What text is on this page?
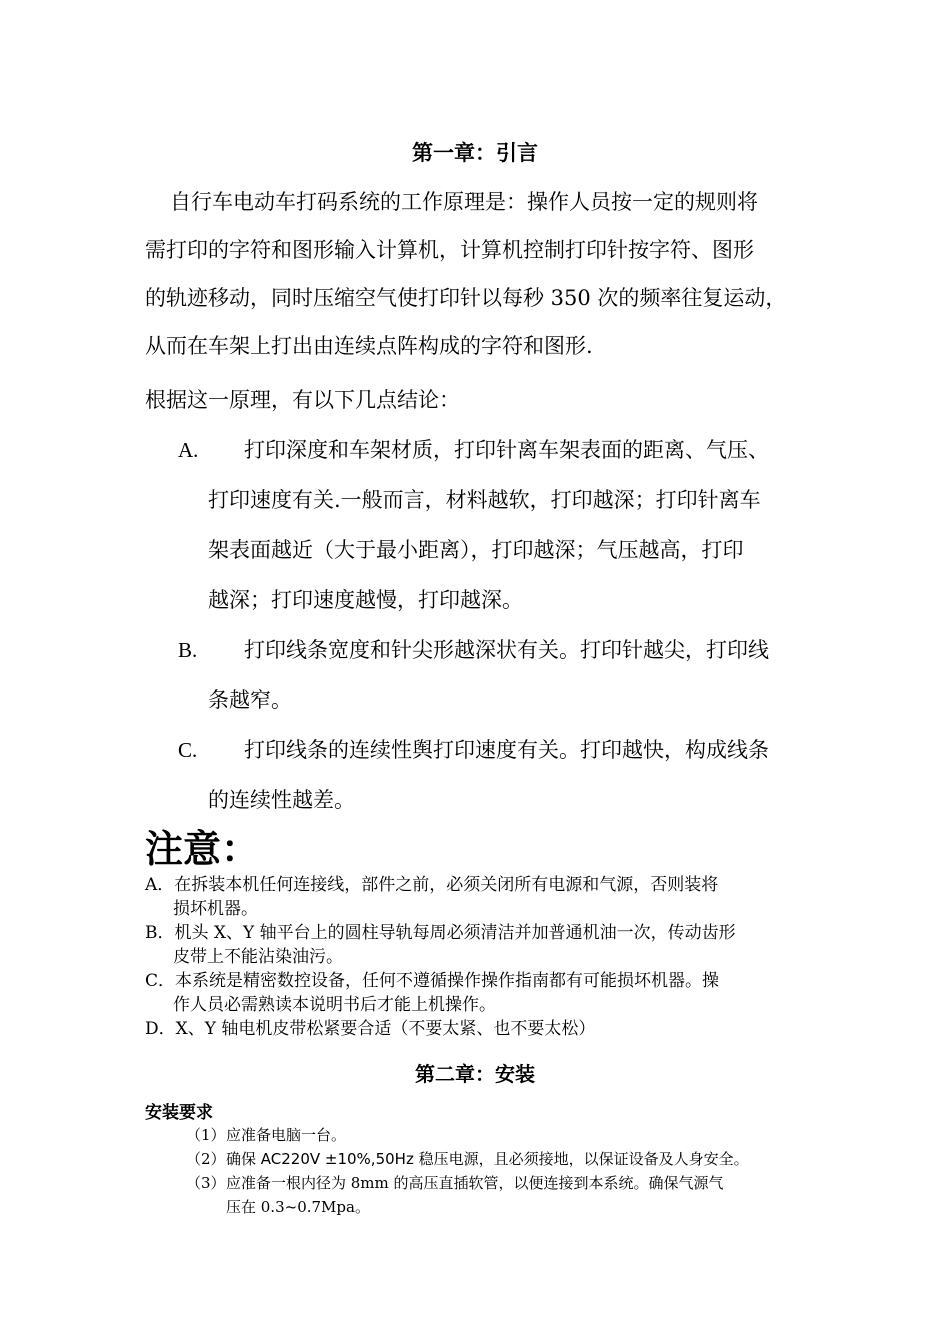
第一章：引言
自行车电动车打码系统的工作原理是：操作人员按一定的规则将
需打印的字符和图形输入计算机，计算机控制打印针按字符、图形
的轨迹移动，同时压缩空气使打印针以每秒 350 次的频率往复运动，
从而在车架上打出由连续点阵构成的字符和图形.
根据这一原理，有以下几点结论：
A. 打印深度和车架材质，打印针离车架表面的距离、气压、
打印速度有关.一般而言，材料越软，打印越深；打印针离车
架表面越近（大于最小距离），打印越深；气压越高，打印
越深；打印速度越慢，打印越深。
B. 打印线条宽度和针尖形越深状有关。打印针越尖，打印线
条越窄。
C. 打印线条的连续性舆打印速度有关。打印越快，构成线条
的连续性越差。
注意：
A．在拆装本机任何连接线，部件之前，必须关闭所有电源和气源，否则装将
损坏机器。
B．机头 X、Y 轴平台上的圆柱导轨每周必须清洁并加普通机油一次，传动齿形
皮带上不能沾染油污。
C．本系统是精密数控设备，任何不遵循操作操作指南都有可能损坏机器。操
作人员必需熟读本说明书后才能上机操作。
D．X、Y 轴电机皮带松紧要合适（不要太紧、也不要太松）
第二章：安装
安装要求
（1）应准备电脑一台。
（2）确保 AC220V ±10%,50Hz 稳压电源，且必须接地，以保证设备及人身安全。
（3）应准备一根内径为 8mm 的高压直插软管，以便连接到本系统。确保气源气
压在 0.3~0.7Mpa。
